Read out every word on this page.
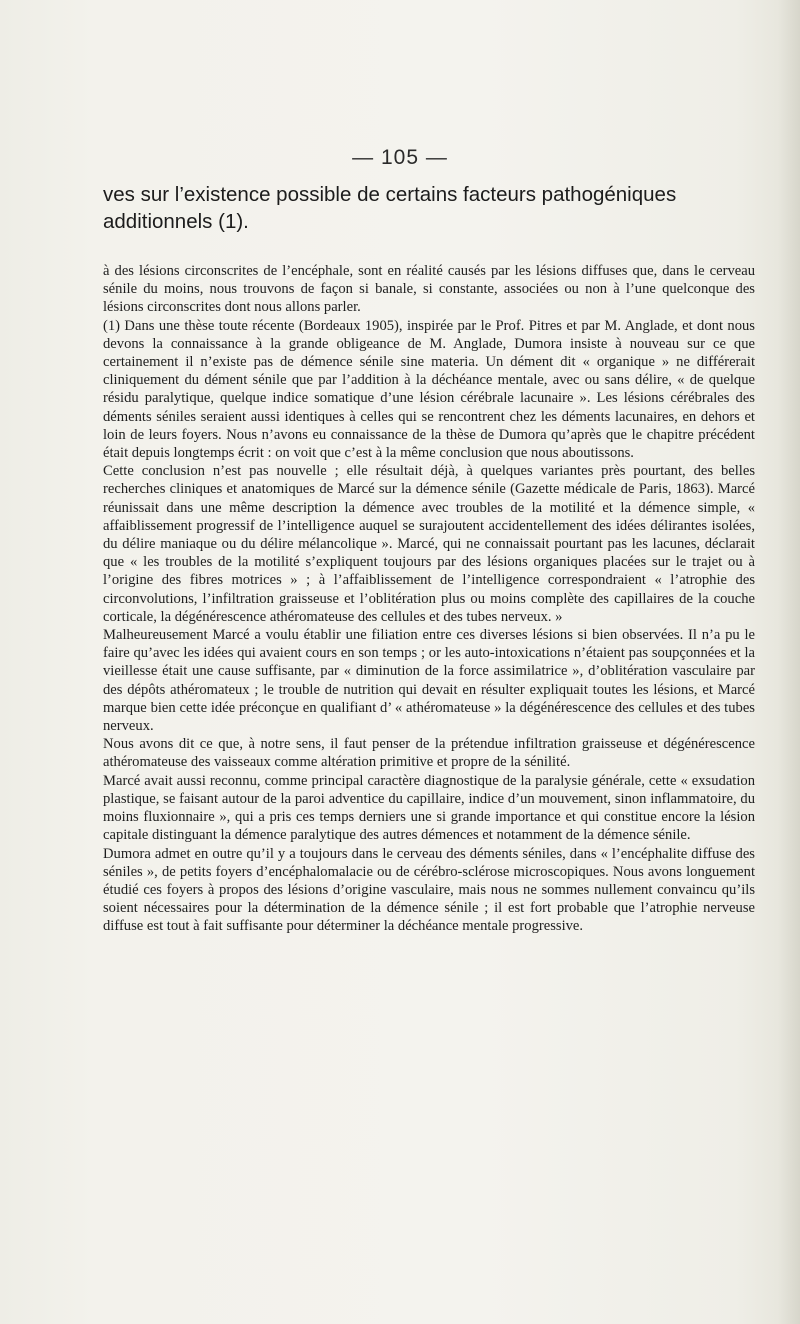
— 105 —
ves sur l’existence possible de certains facteurs pathogéniques
additionnels (1).

à des lésions circonscrites de l’encéphale, sont en réalité causés par les lésions diffuses que, dans le cerveau sénile du moins, nous trouvons de façon si banale, si constante, associées ou non à l’une quelconque des lésions circonscrites dont nous allons parler.

(1) Dans une thèse toute récente (Bordeaux 1905), inspirée par le Prof. Pitres et par M. Anglade, et dont nous devons la connaissance à la grande obligeance de M. Anglade, Dumora insiste à nouveau sur ce que certainement il n’existe pas de démence sénile sine materia. Un dément dit « organique » ne différerait cliniquement du dément sénile que par l’addition à la déchéance mentale, avec ou sans délire, « de quelque résidu paralytique, quelque indice somatique d’une lésion cérébrale lacunaire ». Les lésions cérébrales des déments séniles seraient aussi identiques à celles qui se rencontrent chez les déments lacunaires, en dehors et loin de leurs foyers. Nous n’avons eu connaissance de la thèse de Dumora qu’après que le chapitre précédent était depuis longtemps écrit : on voit que c’est à la même conclusion que nous aboutissons.

Cette conclusion n’est pas nouvelle ; elle résultait déjà, à quelques variantes près pourtant, des belles recherches cliniques et anatomiques de Marcé sur la démence sénile (Gazette médicale de Paris, 1863). Marcé réunissait dans une même description la démence avec troubles de la motilité et la démence simple, « affaiblissement progressif de l’intelligence auquel se surajoutent accidentellement des idées délirantes isolées, du délire maniaque ou du délire mélancolique ». Marcé, qui ne connaissait pourtant pas les lacunes, déclarait que « les troubles de la motilité s’expliquent toujours par des lésions organiques placées sur le trajet ou à l’origine des fibres motrices » ; à l’affaiblissement de l’intelligence correspondraient « l’atrophie des circonvolutions, l’infiltration graisseuse et l’oblitération plus ou moins complète des capillaires de la couche corticale, la dégénérescence athéromateuse des cellules et des tubes nerveux. »

Malheureusement Marcé a voulu établir une filiation entre ces diverses lésions si bien observées. Il n’a pu le faire qu’avec les idées qui avaient cours en son temps ; or les auto-intoxications n’étaient pas soupçonnées et la vieillesse était une cause suffisante, par « diminution de la force assimilatrice », d’oblitération vasculaire par des dépôts athéromateux ; le trouble de nutrition qui devait en résulter expliquait toutes les lésions, et Marcé marque bien cette idée préconçue en qualifiant d’ « athéromateuse » la dégénérescence des cellules et des tubes nerveux.

Nous avons dit ce que, à notre sens, il faut penser de la prétendue infiltration graisseuse et dégénérescence athéromateuse des vaisseaux comme altération primitive et propre de la sénilité.

Marcé avait aussi reconnu, comme principal caractère diagnostique de la paralysie générale, cette « exsudation plastique, se faisant autour de la paroi adventice du capillaire, indice d’un mouvement, sinon inflammatoire, du moins fluxionnaire », qui a pris ces temps derniers une si grande importance et qui constitue encore la lésion capitale distinguant la démence paralytique des autres démences et notamment de la démence sénile.

Dumora admet en outre qu’il y a toujours dans le cerveau des déments séniles, dans « l’encéphalite diffuse des séniles », de petits foyers d’encéphalomalacie ou de cérébro-sclérose microscopiques. Nous avons longuement étudié ces foyers à propos des lésions d’origine vasculaire, mais nous ne sommes nullement convaincu qu’ils soient nécessaires pour la détermination de la démence sénile ; il est fort probable que l’atrophie nerveuse diffuse est tout à fait suffisante pour déterminer la déchéance mentale progressive.
